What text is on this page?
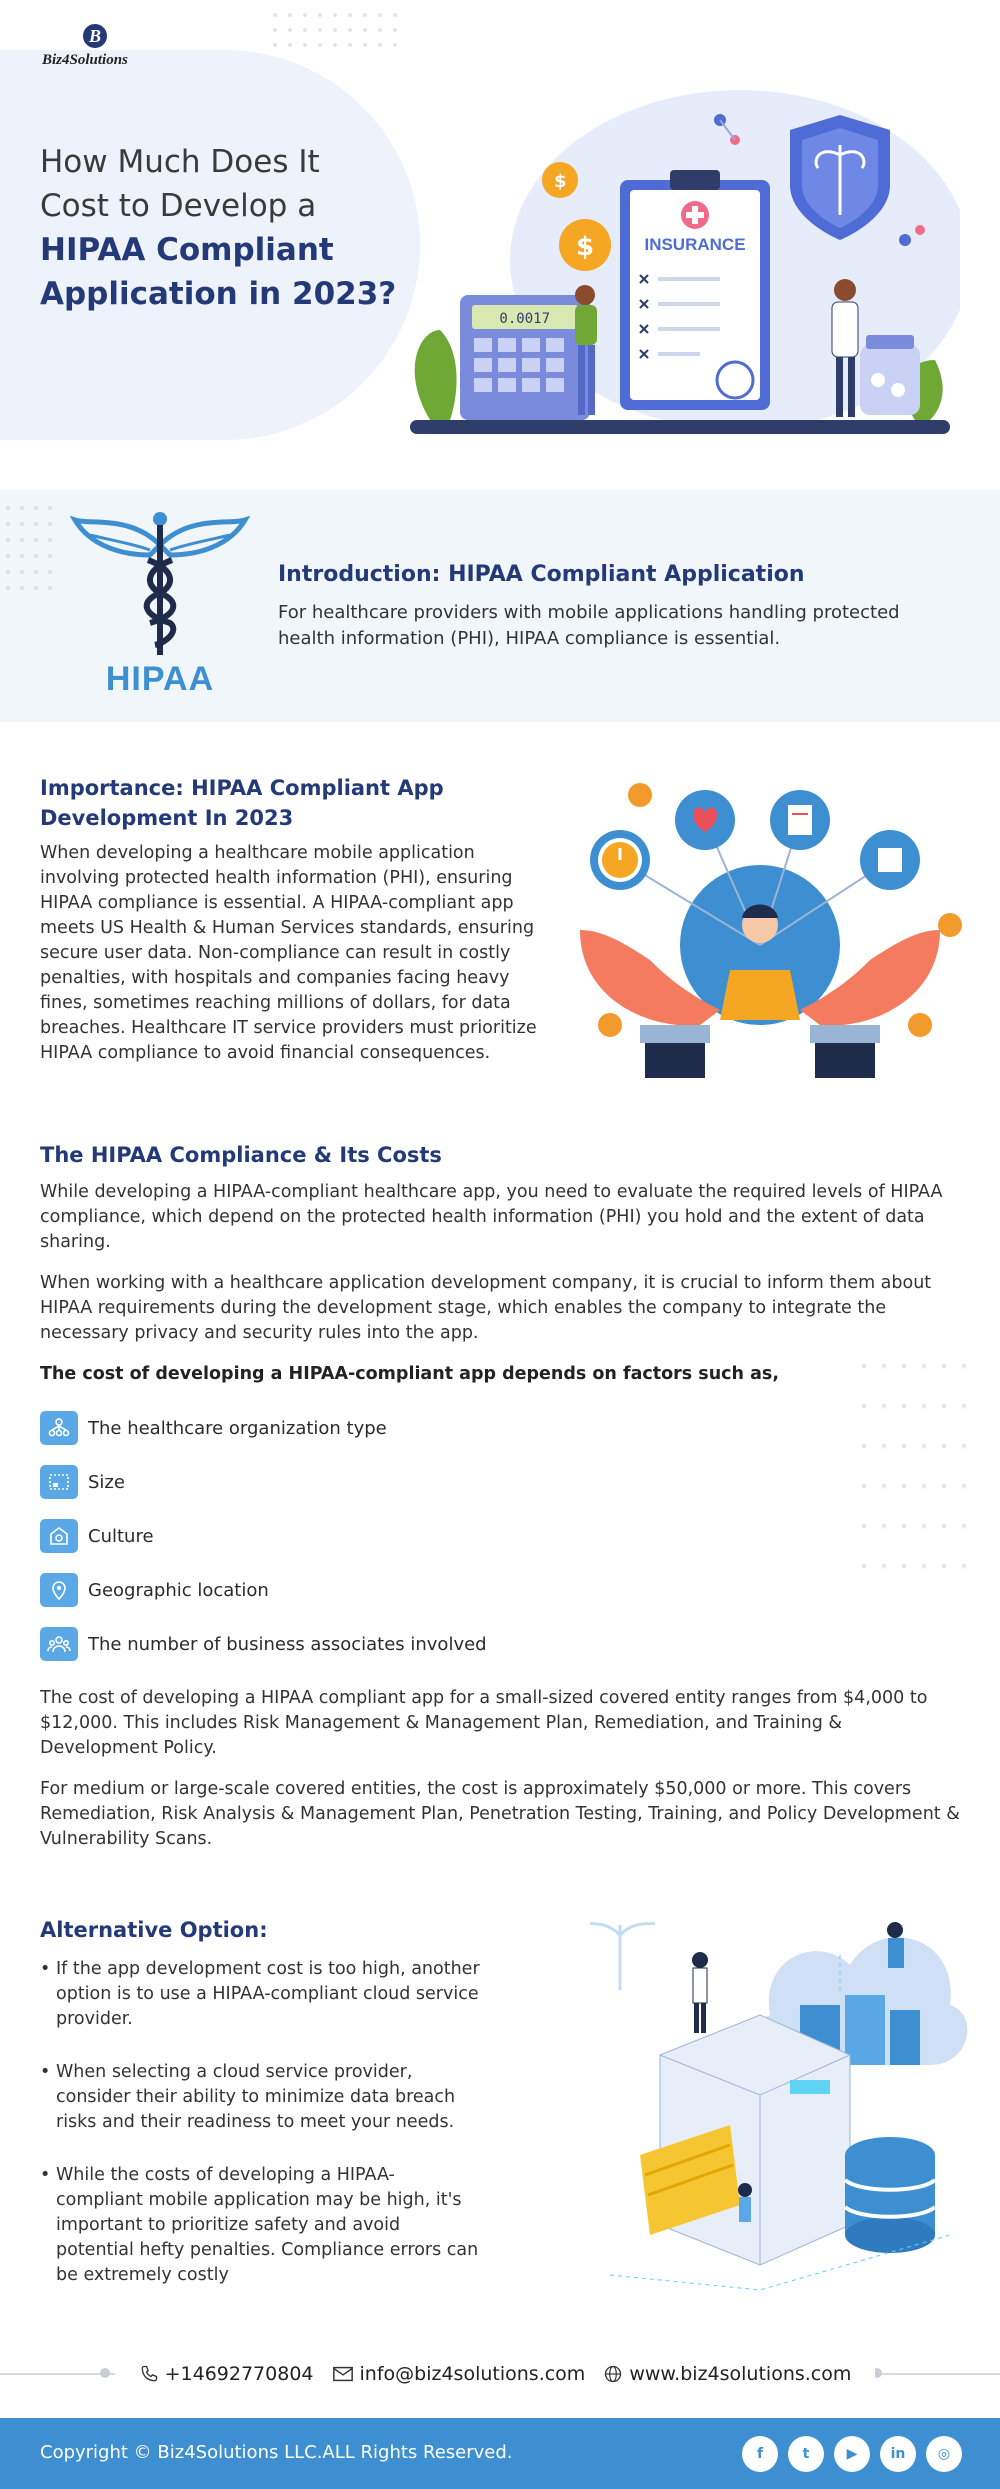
B
Biz4Solutions
How Much Does It
Cost to Develop a
HIPAA Compliant
Application in 2023?
0.0017
$
$	INSURANCE
HIPAA
Introduction: HIPAA Compliant Application
For healthcare providers with mobile applications handling protected health information (PHI), HIPAA compliance is essential.
Importance: HIPAA Compliant App
Development In 2023
When developing a healthcare mobile application involving protected health information (PHI), ensuring HIPAA compliance is essential. A HIPAA-compliant app meets US Health & Human Services standards, ensuring secure user data. Non-compliance can result in costly penalties, with hospitals and companies facing heavy fines, sometimes reaching millions of dollars, for data breaches. Healthcare IT service providers must prioritize HIPAA compliance to avoid financial consequences.
The HIPAA Compliance & Its Costs
While developing a HIPAA-compliant healthcare app, you need to evaluate the required levels of HIPAA compliance, which depend on the protected health information (PHI) you hold and the extent of data sharing.
When working with a healthcare application development company, it is crucial to inform them about HIPAA requirements during the development stage, which enables the company to integrate the necessary privacy and security rules into the app.
The cost of developing a HIPAA-compliant app depends on factors such as,
The healthcare organization type
Size
Culture
Geographic location
The number of business associates involved
The cost of developing a HIPAA compliant app for a small-sized covered entity ranges from $4,000 to $12,000. This includes Risk Management & Management Plan, Remediation, and Training & Development Policy.
For medium or large-scale covered entities, the cost is approximately $50,000 or more. This covers Remediation, Risk Analysis & Management Plan, Penetration Testing, Training, and Policy Development & Vulnerability Scans.
Alternative Option:
• If the app development cost is too high, another option is to use a HIPAA-compliant cloud service provider.
• When selecting a cloud service provider, consider their ability to minimize data breach risks and their readiness to meet your needs.
• While the costs of developing a HIPAA-compliant mobile application may be high, it's important to prioritize safety and avoid potential hefty penalties. Compliance errors can be extremely costly
+14692770804 info@biz4solutions.com www.biz4solutions.com
Copyright © Biz4Solutions LLC.ALL Rights Reserved.	f	t	▶	in	◎
